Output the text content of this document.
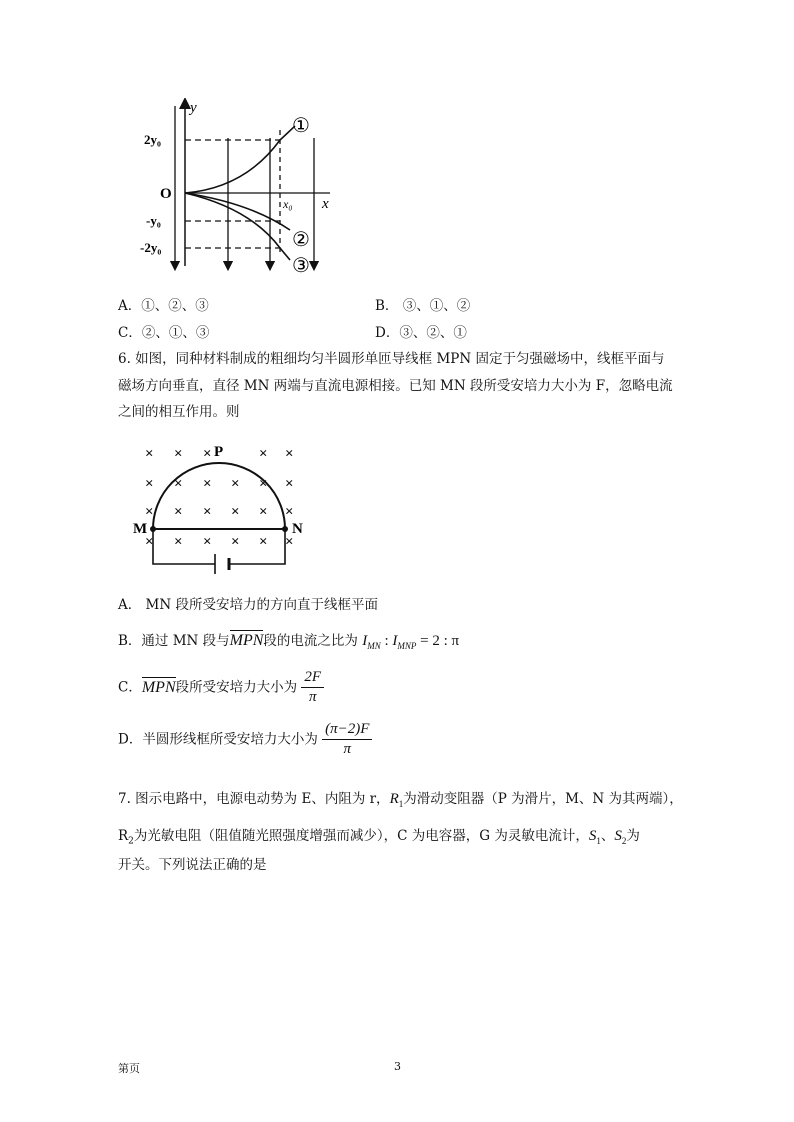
y
x
O
2y₀
-y₀
-2y₀
x₀
①
②
③
A．①、②、③	B． ③、①、②
C．②、①、③	D．③、②、①
6. 如图，同种材料制成的粗细均匀半圆形单匝导线框 MPN 固定于匀强磁场中，线框平面与
磁场方向垂直，直径 MN 两端与直流电源相接。已知 MN 段所受安培力大小为 F，忽略电流
之间的相互作用。则
× × ×	× ×
× × × × × ×
× × × × × ×
× × × × × ×
P
M	N
A． MN 段所受安培力的方向直于线框平面
B．通过 MN 段与MPN段的电流之比为 $I_{MN}$ : $I_{MNP} = 2$ : π
C．MPN段所受安培力大小为 $\frac{2F}{\pi}$
D．半圆形线框所受安培力大小为 $\frac{(\pi-2)F}{\pi}$
7. 图示电路中，电源电动势为 E、内阻为 r，$R_1$为滑动变阻器（P 为滑片，M、N 为其两端），
$R_2$为光敏电阻（阻值随光照强度增强而减少），C 为电容器，G 为灵敏电流计，$S_1$、$S_2$为
开关。下列说法正确的是
第页	3
